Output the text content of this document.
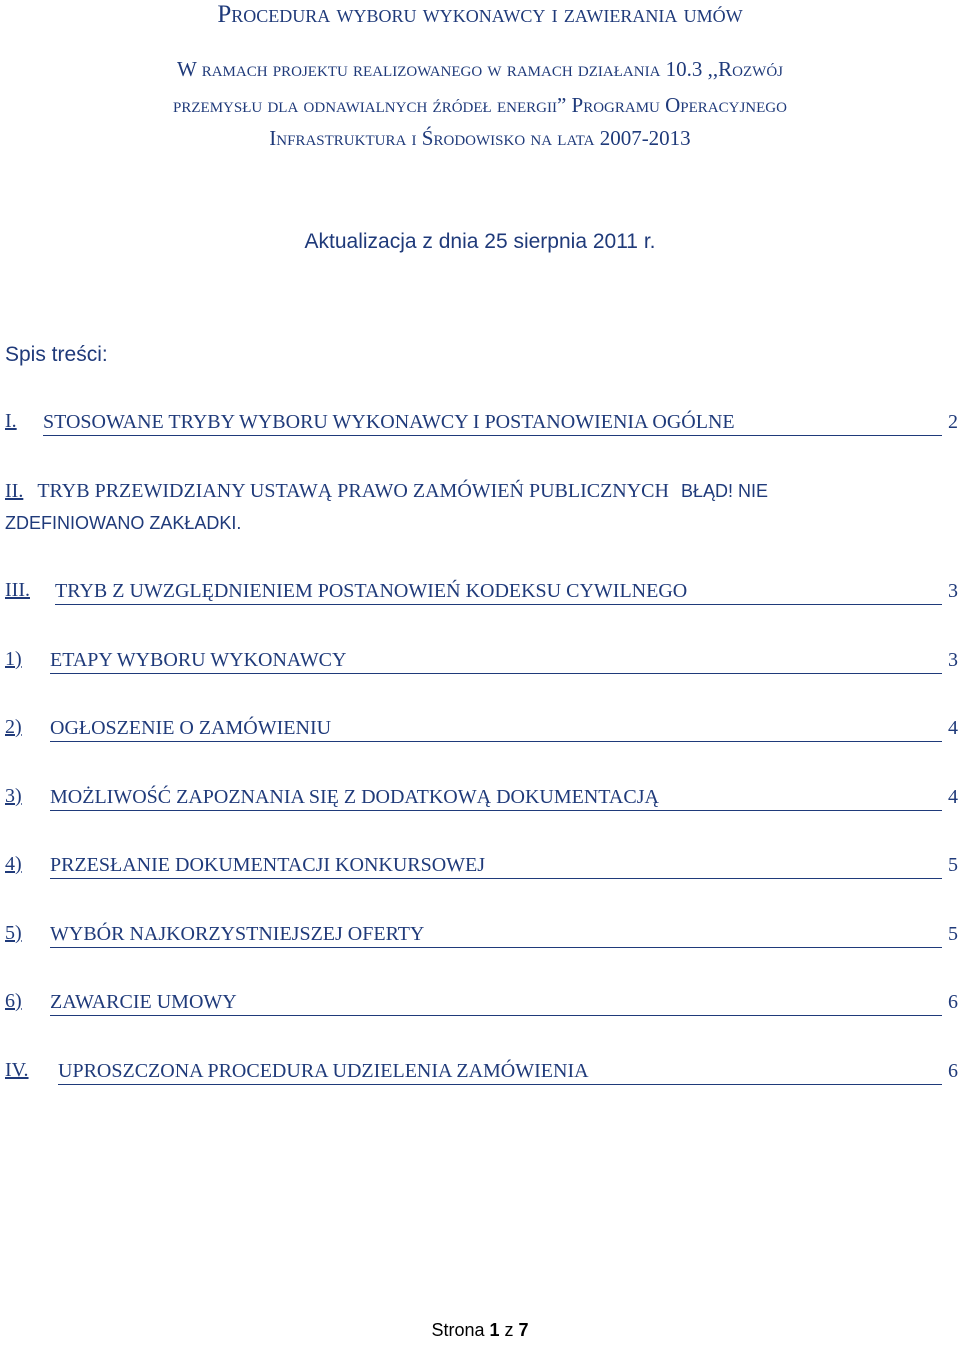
Procedura wyboru wykonawcy i zawierania umów
W ramach projektu realizowanego w ramach działania 10.3 ,,Rozwój
przemysłu dla odnawialnych źródeł energii” Programu Operacyjnego
Infrastruktura i Środowisko na lata 2007-2013
Aktualizacja z dnia 25 sierpnia 2011 r.
Spis treści:
I. STOSOWANE TRYBY WYBORU WYKONAWCY I POSTANOWIENIA OGÓLNE	2
II. TRYB PRZEWIDZIANY USTAWĄ PRAWO ZAMÓWIEŃ PUBLICZNYCH BŁĄD! NIE
ZDEFINIOWANO ZAKŁADKI.
III. TRYB Z UWZGLĘDNIENIEM POSTANOWIEŃ KODEKSU CYWILNEGO	3
1) ETAPY WYBORU WYKONAWCY	3
2) OGŁOSZENIE O ZAMÓWIENIU	4
3) MOŻLIWOŚĆ ZAPOZNANIA SIĘ Z DODATKOWĄ DOKUMENTACJĄ	4
4) PRZESŁANIE DOKUMENTACJI KONKURSOWEJ	5
5) WYBÓR NAJKORZYSTNIEJSZEJ OFERTY	5
6) ZAWARCIE UMOWY	6
IV. UPROSZCZONA PROCEDURA UDZIELENIA ZAMÓWIENIA	6
Strona 1 z 7
